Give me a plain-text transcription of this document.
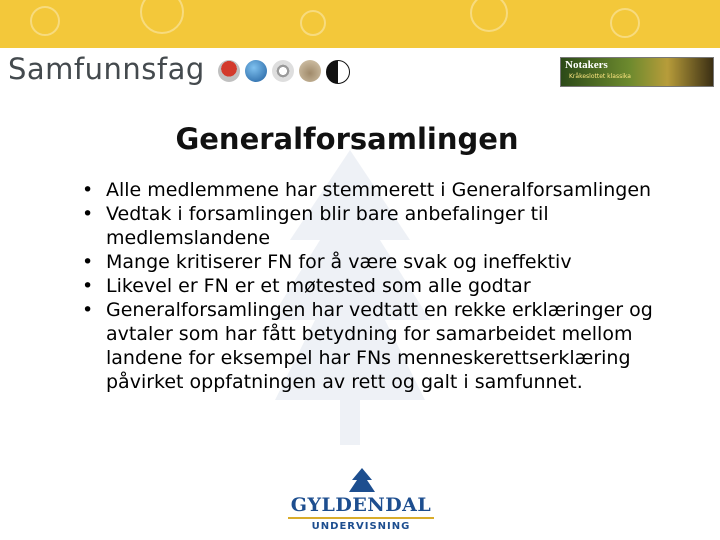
Samfunnsfag	Notakers
Kråkeslottet klassika
Generalforsamlingen
• Alle medlemmene har stemmerett i Generalforsamlingen
• Vedtak i forsamlingen blir bare anbefalinger til medlemslandene
• Mange kritiserer FN for å være svak og ineffektiv
• Likevel er FN er et møtested som alle godtar
• Generalforsamlingen har vedtatt en rekke erklæringer og avtaler som har fått betydning for samarbeidet mellom landene for eksempel har FNs menneskerettserklæring påvirket oppfatningen av rett og galt i samfunnet.
GYLDENDAL
UNDERVISNING
